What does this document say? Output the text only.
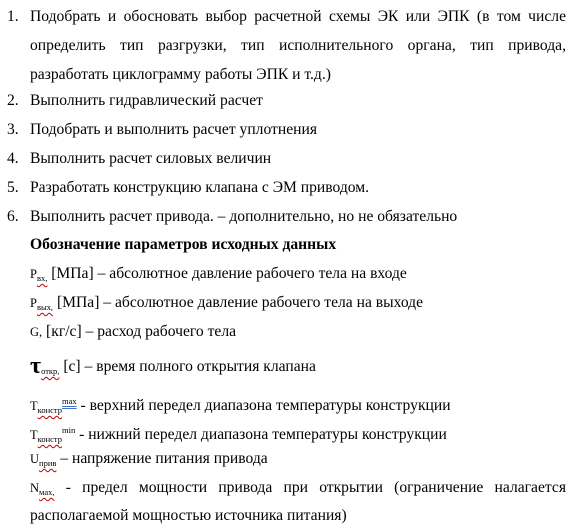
1. Подобрать и обосновать выбор расчетной схемы ЭК или ЭПК (в том числе
определить тип разгрузки, тип исполнительного органа, тип привода,
разработать циклограмму работы ЭПК и т.д.)
2. Выполнить гидравлический расчет
3. Подобрать и выполнить расчет уплотнения
4. Выполнить расчет силовых величин
5. Разработать конструкцию клапана с ЭМ приводом.
6. Выполнить расчет привода. – дополнительно, но не обязательно
Обозначение параметров исходных данных
$P_{вх,}$ [МПа] – абсолютное давление рабочего тела на входе
$P_{вых,}$ [МПа] – абсолютное давление рабочего тела на выходе
G, [кг/с] – расход рабочего тела
$\tau_{откр,}$ [с] – время полного открытия клапана
$T_{констр}^{max}$ - верхний передел диапазона температуры конструкции
$T_{констр}^{min}$ - нижний передел диапазона температуры конструкции
$U_{прив}$ – напряжение питания привода
$N_{мах,}$ - предел мощности привода при открытии (ограничение налагается
располагаемой мощностью источника питания)
